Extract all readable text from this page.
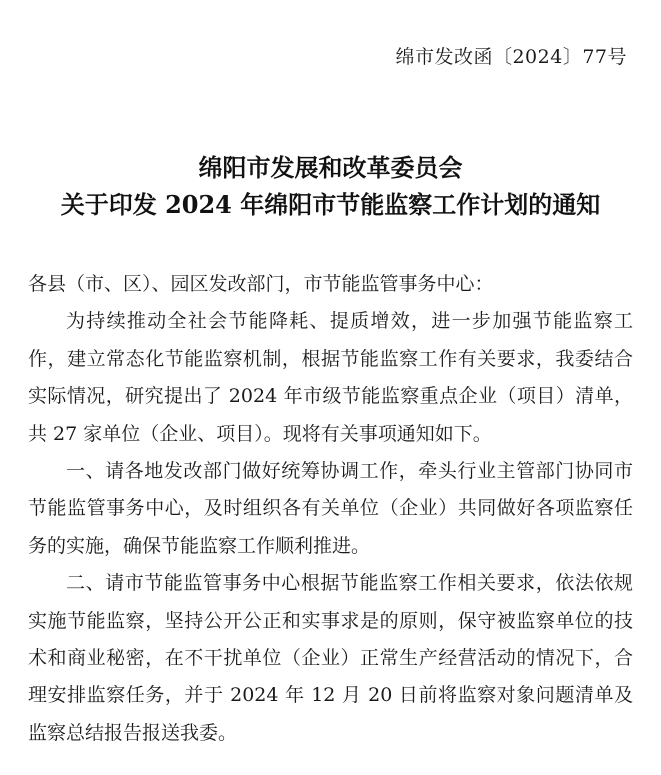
绵市发改函〔2024〕77号
绵阳市发展和改革委员会
关于印发 2024 年绵阳市节能监察工作计划的通知

各县（市、区）、园区发改部门，市节能监管事务中心：

为持续推动全社会节能降耗、提质增效，进一步加强节能监察工作，建立常态化节能监察机制，根据节能监察工作有关要求，我委结合实际情况，研究提出了 2024 年市级节能监察重点企业（项目）清单，共 27 家单位（企业、项目）。现将有关事项通知如下。

一、请各地发改部门做好统筹协调工作，牵头行业主管部门协同市节能监管事务中心，及时组织各有关单位（企业）共同做好各项监察任务的实施，确保节能监察工作顺利推进。

二、请市节能监管事务中心根据节能监察工作相关要求，依法依规实施节能监察，坚持公开公正和实事求是的原则，保守被监察单位的技术和商业秘密，在不干扰单位（企业）正常生产经营活动的情况下，合理安排监察任务，并于 2024 年 12 月 20 日前将监察对象问题清单及监察总结报告报送我委。
